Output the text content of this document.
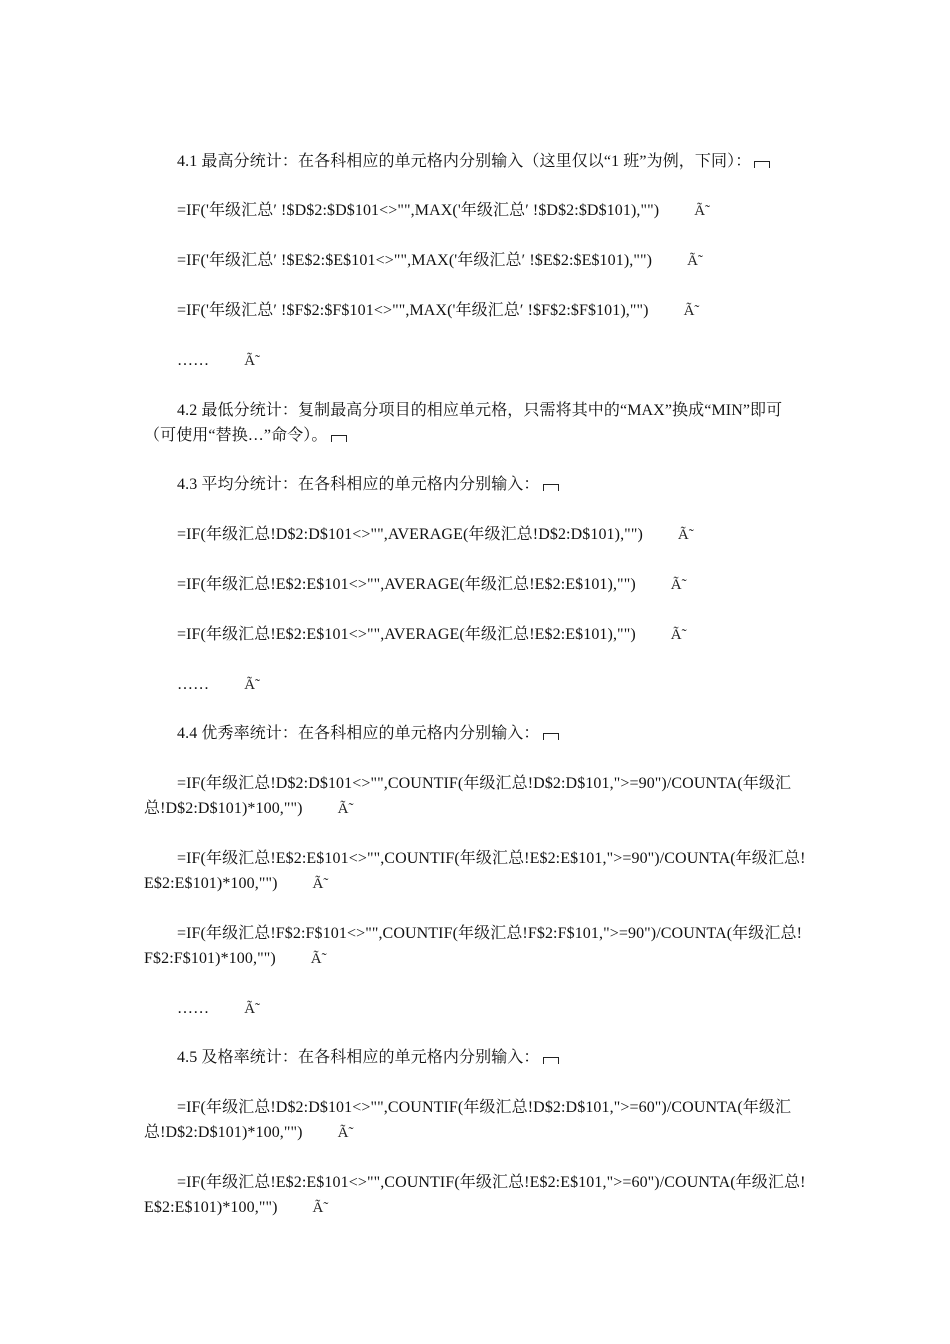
4.1 最高分统计：在各科相应的单元格内分别输入（这里仅以“1 班”为例，下同）：
=IF('年级汇总′ !$D$2:$D$101<>"",MAX('年级汇总′ !$D$2:$D$101),"") Ã̃
=IF('年级汇总′ !$E$2:$E$101<>"",MAX('年级汇总′ !$E$2:$E$101),"") Ã̃
=IF('年级汇总′ !$F$2:$F$101<>"",MAX('年级汇总′ !$F$2:$F$101),"") Ã̃
…… Ã̃
4.2 最低分统计：复制最高分项目的相应单元格，只需将其中的“MAX”换成“MIN”即可（可使用“替换…”命令）。
4.3 平均分统计：在各科相应的单元格内分别输入：
=IF(年级汇总!D$2:D$101<>"",AVERAGE(年级汇总!D$2:D$101),"") Ã̃
=IF(年级汇总!E$2:E$101<>"",AVERAGE(年级汇总!E$2:E$101),"") Ã̃
=IF(年级汇总!E$2:E$101<>"",AVERAGE(年级汇总!E$2:E$101),"") Ã̃
…… Ã̃
4.4 优秀率统计：在各科相应的单元格内分别输入：
=IF(年级汇总!D$2:D$101<>"",COUNTIF(年级汇总!D$2:D$101,">=90")/COUNTA(年级汇总!D$2:D$101)*100,"") Ã̃
=IF(年级汇总!E$2:E$101<>"",COUNTIF(年级汇总!E$2:E$101,">=90")/COUNTA(年级汇总!E$2:E$101)*100,"") Ã̃
=IF(年级汇总!F$2:F$101<>"",COUNTIF(年级汇总!F$2:F$101,">=90")/COUNTA(年级汇总!F$2:F$101)*100,"") Ã̃
…… Ã̃
4.5 及格率统计：在各科相应的单元格内分别输入：
=IF(年级汇总!D$2:D$101<>"",COUNTIF(年级汇总!D$2:D$101,">=60")/COUNTA(年级汇总!D$2:D$101)*100,"") Ã̃
=IF(年级汇总!E$2:E$101<>"",COUNTIF(年级汇总!E$2:E$101,">=60")/COUNTA(年级汇总!E$2:E$101)*100,"") Ã̃
